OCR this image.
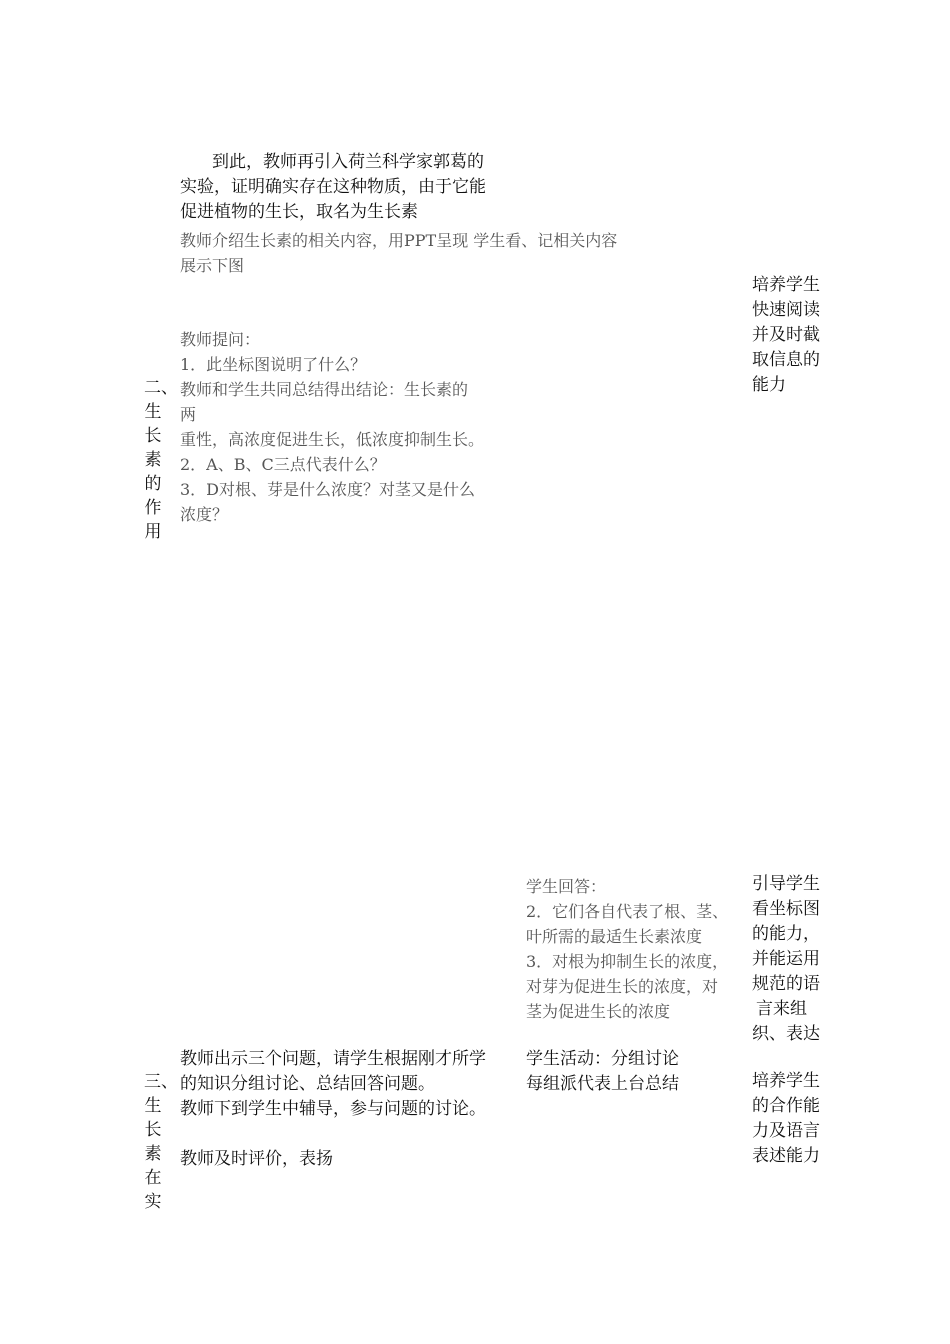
到此，教师再引入荷兰科学家郭葛的
实验，证明确实存在这种物质，由于它能
促进植物的生长，取名为生长素
教师介绍生长素的相关内容，用PPT呈现 学生看、记相关内容
展示下图
培养学生
快速阅读
并及时截
取信息的
能力
二、
生
长
素
的
作
用
教师提问：
1．此坐标图说明了什么？
教师和学生共同总结得出结论：生长素的
两
重性，高浓度促进生长，低浓度抑制生长。
2．A、B、C三点代表什么？
3．D对根、芽是什么浓度？对茎又是什么
浓度？
学生回答：
2．它们各自代表了根、茎、
叶所需的最适生长素浓度
3．对根为抑制生长的浓度，
对芽为促进生长的浓度，对
茎为促进生长的浓度
引导学生
看坐标图
的能力，
并能运用
规范的语
言来组
织、表达
三、
生
长
素
在
实
教师出示三个问题，请学生根据刚才所学
的知识分组讨论、总结回答问题。
教师下到学生中辅导，参与问题的讨论。
教师及时评价，表扬
学生活动：分组讨论
每组派代表上台总结	培养学生
的合作能
力及语言
表述能力
